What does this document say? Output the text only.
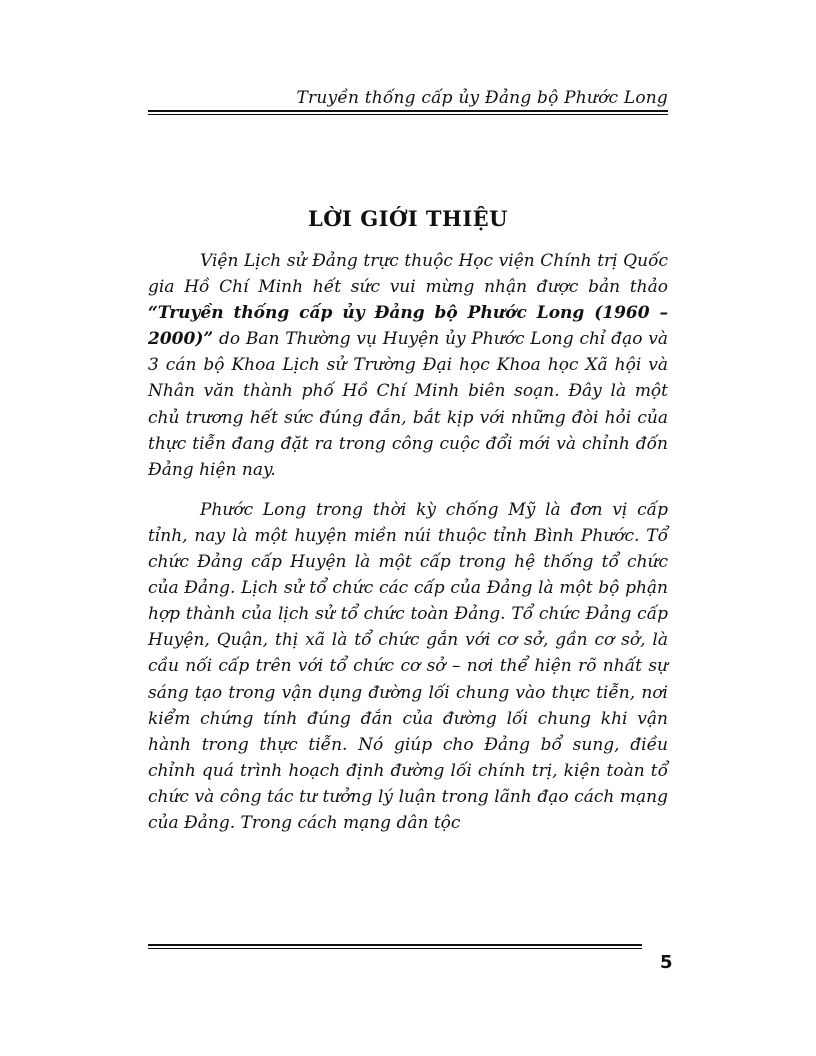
Truyền thống cấp ủy Đảng bộ Phước Long
LỜI GIỚI THIỆU

Viện Lịch sử Đảng trực thuộc Học viện Chính trị Quốc gia Hồ Chí Minh hết sức vui mừng nhận được bản thảo “Truyền thống cấp ủy Đảng bộ Phước Long (1960 – 2000)” do Ban Thường vụ Huyện ủy Phước Long chỉ đạo và 3 cán bộ Khoa Lịch sử Trường Đại học Khoa học Xã hội và Nhân văn thành phố Hồ Chí Minh biên soạn. Đây là một chủ trương hết sức đúng đắn, bắt kịp với những đòi hỏi của thực tiễn đang đặt ra trong công cuộc đổi mới và chỉnh đốn Đảng hiện nay.

Phước Long trong thời kỳ chống Mỹ là đơn vị cấp tỉnh, nay là một huyện miền núi thuộc tỉnh Bình Phước. Tổ chức Đảng cấp Huyện là một cấp trong hệ thống tổ chức của Đảng. Lịch sử tổ chức các cấp của Đảng là một bộ phận hợp thành của lịch sử tổ chức toàn Đảng. Tổ chức Đảng cấp Huyện, Quận, thị xã là tổ chức gắn với cơ sở, gần cơ sở, là cầu nối cấp trên với tổ chức cơ sở – nơi thể hiện rõ nhất sự sáng tạo trong vận dụng đường lối chung vào thực tiễn, nơi kiểm chứng tính đúng đắn của đường lối chung khi vận hành trong thực tiễn. Nó giúp cho Đảng bổ sung, điều chỉnh quá trình hoạch định đường lối chính trị, kiện toàn tổ chức và công tác tư tưởng lý luận trong lãnh đạo cách mạng của Đảng. Trong cách mạng dân tộc

5
